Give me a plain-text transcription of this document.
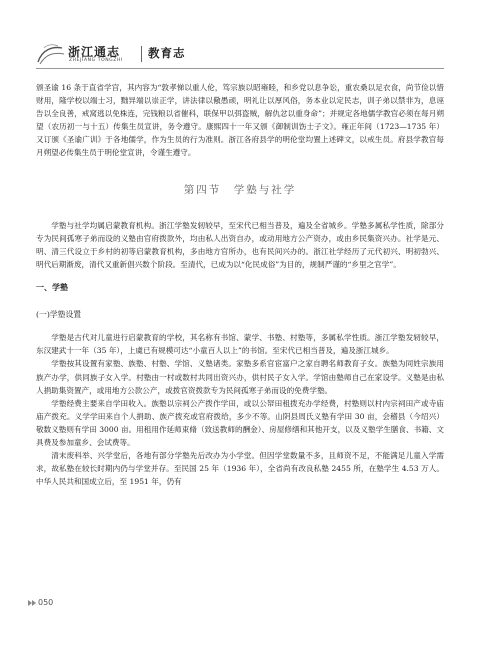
浙江通志
ZHEJIANG TONGZHI
教育志

颁圣谕 16 条于直省学宫，其内容为“敦孝悌以重人伦，笃宗族以昭雍睦，和乡党以息争讼，重农桑以足衣食，尚节俭以惜财用，隆学校以端士习，黜异端以崇正学，讲法律以儆愚顽，明礼让以厚风俗，务本业以定民志，训子弟以禁非为，息诬告以全良善，戒窝逃以免株连，完钱粮以省催科，联保甲以弭盗贼，解仇忿以重身命”；并规定各地儒学教官必须在每月朔望（农历初一与十五）传集生员宣讲，务令遵守。康熙四十一年又颁《御制训饬士子文》。雍正年间（1723—1735 年）又订颁《圣谕广训》于各地儒学，作为生员的行为准则。浙江各府县学的明伦堂均置上述碑文，以戒生员。府县学教官每月朔望必传集生员于明伦堂宣讲，令谨生遵守。

第四节　学塾与社学

学塾与社学均属启蒙教育机构。浙江学塾发轫较早，至宋代已相当普及，遍及全省城乡。学塾多属私学性质，除部分专为民间孤寒子弟而设的义塾由官府拨款外，均由私人出资自办，或动用地方公产资办，或由乡民集资兴办。社学是元、明、清三代设立于乡村的初等启蒙教育机构，多由地方官所办，也有民间兴办的。浙江社学经历了元代初兴、明初勃兴、明代后期渐废，清代又重新倡兴数个阶段。至清代，已成为以“化民成俗”为目的，规制严谨的“乡里之官学”。

一、学塾

(一)学塾设置

学塾是古代对儿童进行启蒙教育的学校，其名称有书馆、蒙学、书塾、村塾等，多属私学性质。浙江学塾发轫较早，东汉建武十一年（35 年），上虞已有规模可达“小童百人以上”的书馆。至宋代已相当普及，遍及浙江城乡。

学塾按其设置有家塾、族塾、村塾、学馆、义塾诸类。家塾多系官宦富户之家自聘名师教育子女。族塾为同姓宗族用族产办学，供同族子女入学。村塾由一村或数村共同出资兴办，供村民子女入学。学馆由塾师自己在家设学。义塾是由私人捐助集资置产，或用地方公款公产，或拨官资拨款专为民间孤寒子弟而设的免费学塾。

学塾经费主要来自学田收入。族塾以宗祠公产拨作学田，或以公帑田租拨充办学经费，村塾则以村内宗祠田产或寺庙庙产拨充。义学学田来自个人捐助、族产拨充或官府拨给，多少不等。山阴县周氏义塾有学田 30 亩，会稽县（今绍兴）敬数义塾则有学田 3000 亩。用租用作延师束脩（致送教师的酬金）、房屋修缮和其他开支，以及义塾学生膳食、书籍、文具费及参加童乡、会试费等。

清末废科举、兴学堂后，各地有部分学塾先后改办为小学堂。但因学堂数量不多，且师资不足，不能满足儿童入学需求，故私塾在较长时期内仍与学堂并存。至民国 25 年（1936 年），全省尚有改良私塾 2455 所，在塾学生 4.53 万人。中华人民共和国成立后，至 1951 年，仍有

050
